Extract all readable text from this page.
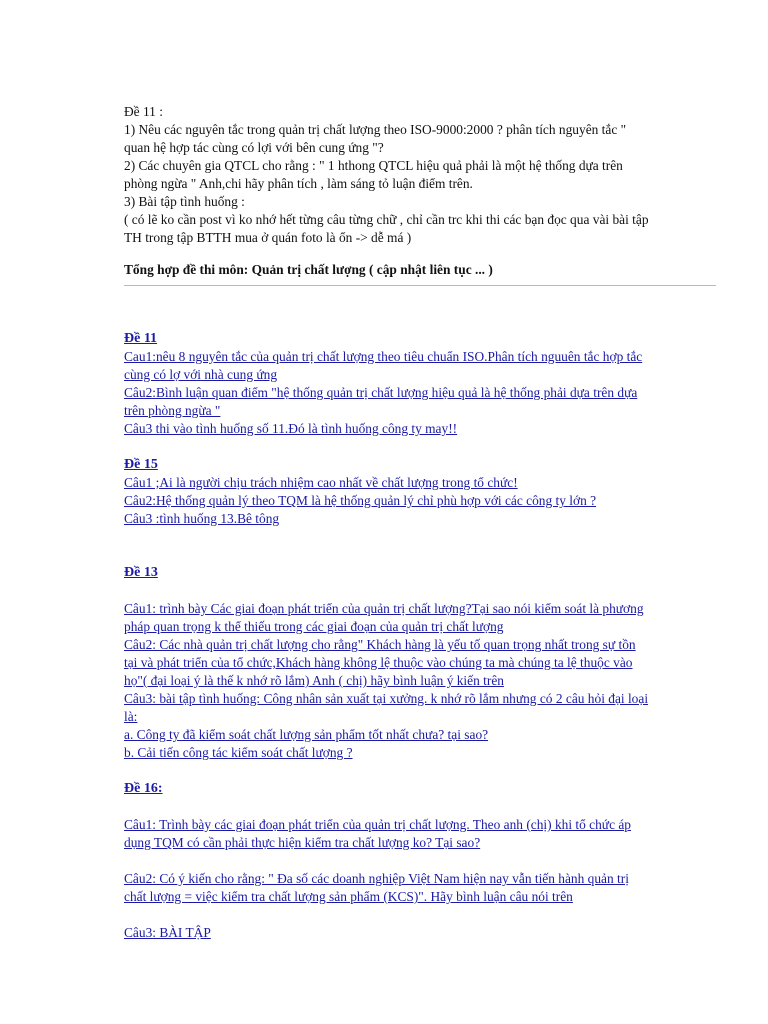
Đề 11 :
1) Nêu các nguyên tắc trong quản trị chất lượng theo ISO-9000:2000 ? phân tích nguyên tắc "
quan hệ hợp tác cùng có lợi với bên cung ứng "?
2) Các chuyên gia QTCL cho rằng : " 1 hthong QTCL hiệu quả phải là một hệ thống dựa trên
phòng ngừa " Anh,chi hãy phân tích , làm sáng tỏ luận điểm trên.
3) Bài tập tình huống :
( có lẽ ko cần post vì ko nhớ hết từng câu từng chữ , chỉ cần trc khi thi các bạn đọc qua vài bài tập
TH trong tập BTTH mua ở quán foto là ổn -> dễ má )
Tổng hợp đề thi môn: Quản trị chất lượng ( cập nhật liên tục ... )
Đề 11
Cau1:nêu 8 nguyên tắc của quản trị chất lượng theo tiêu chuẩn ISO.Phân tích nguuên tắc hợp tắc
cùng có lợ với nhà cung ứng
Câu2:Bình luận quan điểm "hệ thống quản trị chất lượng hiệu quả là hệ thống phải dựa trên dựa
trên phòng ngừa "
Câu3 thi vào tình huống số 11.Đó là tình huống công ty may!!
Đề 15
Câu1 ;Ai là người chịu trách nhiệm cao nhất về chất lượng trong tổ chức!
Câu2:Hệ thống quản lý theo TQM là hệ thống quản lý chỉ phù hợp với các công ty lớn ?
Câu3 :tình huống 13.Bê tông
Đề 13
Câu1: trình bày Các giai đoạn phát triển của quản trị chất lượng?Tại sao nói kiểm soát là phương
pháp quan trọng k thể thiếu trong các giai đoạn của quản trị chất lượng
Câu2: Các nhà quản trị chất lượng cho rằng" Khách hàng là yếu tố quan trọng nhất trong sự tồn
tại và phát triển của tổ chức,Khách hàng không lệ thuộc vào chúng ta mà chúng ta lệ thuộc vào
họ"( đại loại ý là thế k nhớ rõ lắm) Anh ( chị) hãy bình luận ý kiến trên
Câu3: bài tập tình huống: Công nhân sản xuất tại xưởng. k nhớ rõ lắm nhưng có 2 câu hỏi đại loại
là:
a. Công ty đã kiểm soát chất lượng sản phẩm tốt nhất chưa? tại sao?
b. Cải tiến công tác kiểm soát chất lượng ?
Đề 16:
Câu1: Trình bày các giai đoạn phát triển của quản trị chất lượng. Theo anh (chị) khi tổ chức áp
dụng TQM có cần phải thực hiện kiểm tra chất lượng ko? Tại sao?
Câu2: Có ý kiến cho rằng: " Đa số các doanh nghiệp Việt Nam hiện nay vẫn tiến hành quản trị
chất lượng = việc kiểm tra chất lượng sản phẩm (KCS)". Hãy bình luận câu nói trên
Câu3: BÀI TẬP
